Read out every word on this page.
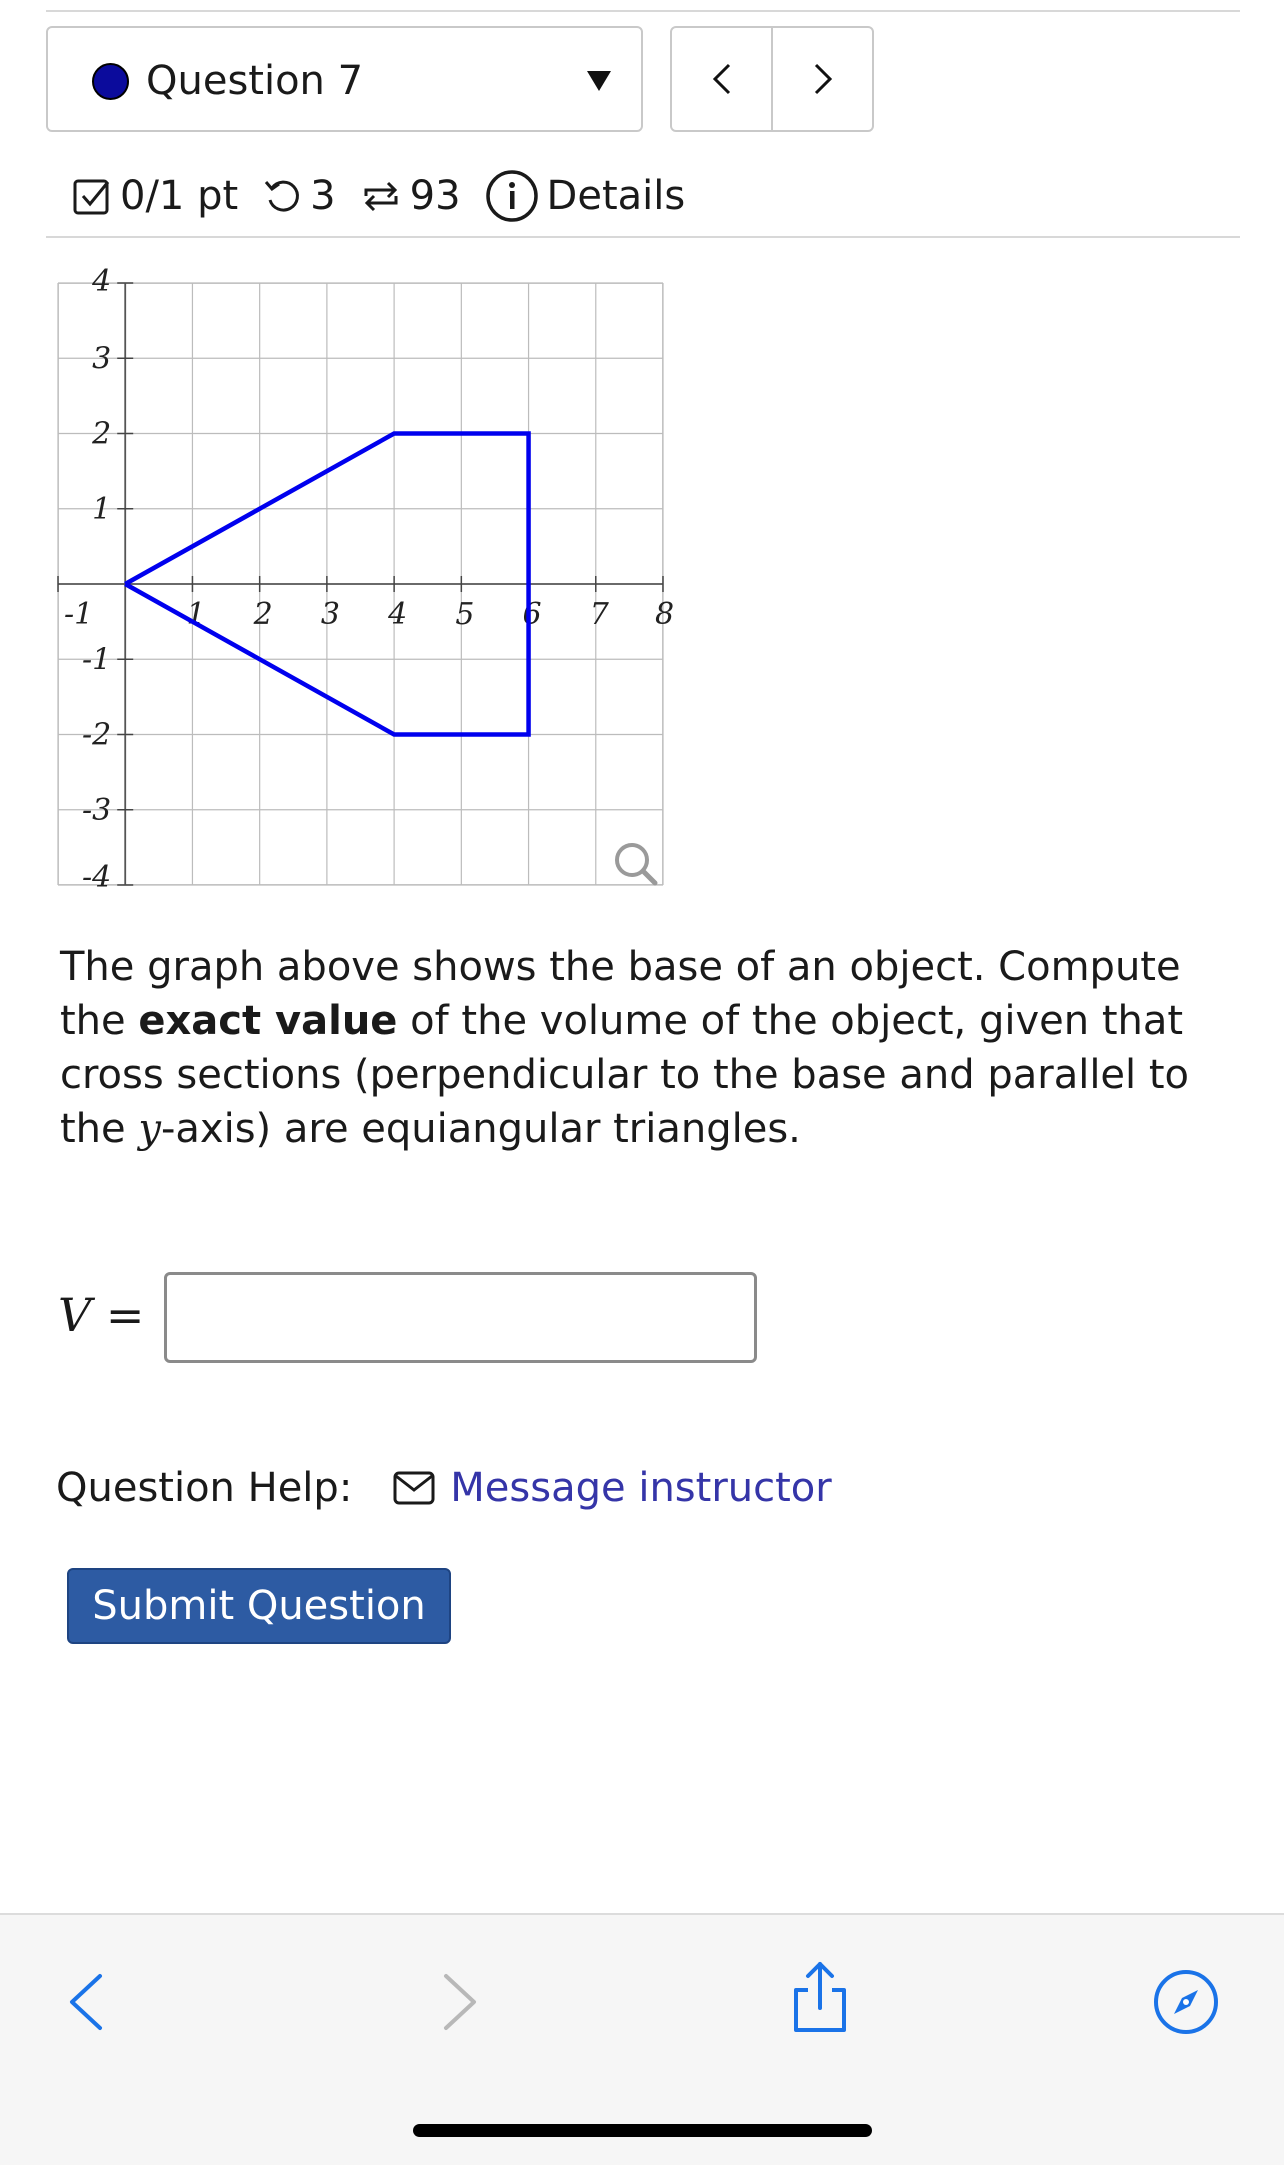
Question 7
0/1 pt 3 93 Details
-1	1 2 3 4 5 6 7 8
4
3
2
1
-1
-2
-3
-4
The graph above shows the base of an object. Compute the exact value of the volume of the object, given that cross sections (perpendicular to the base and parallel to the y-axis) are equiangular triangles.
V =
Question Help: Message instructor
Submit Question
